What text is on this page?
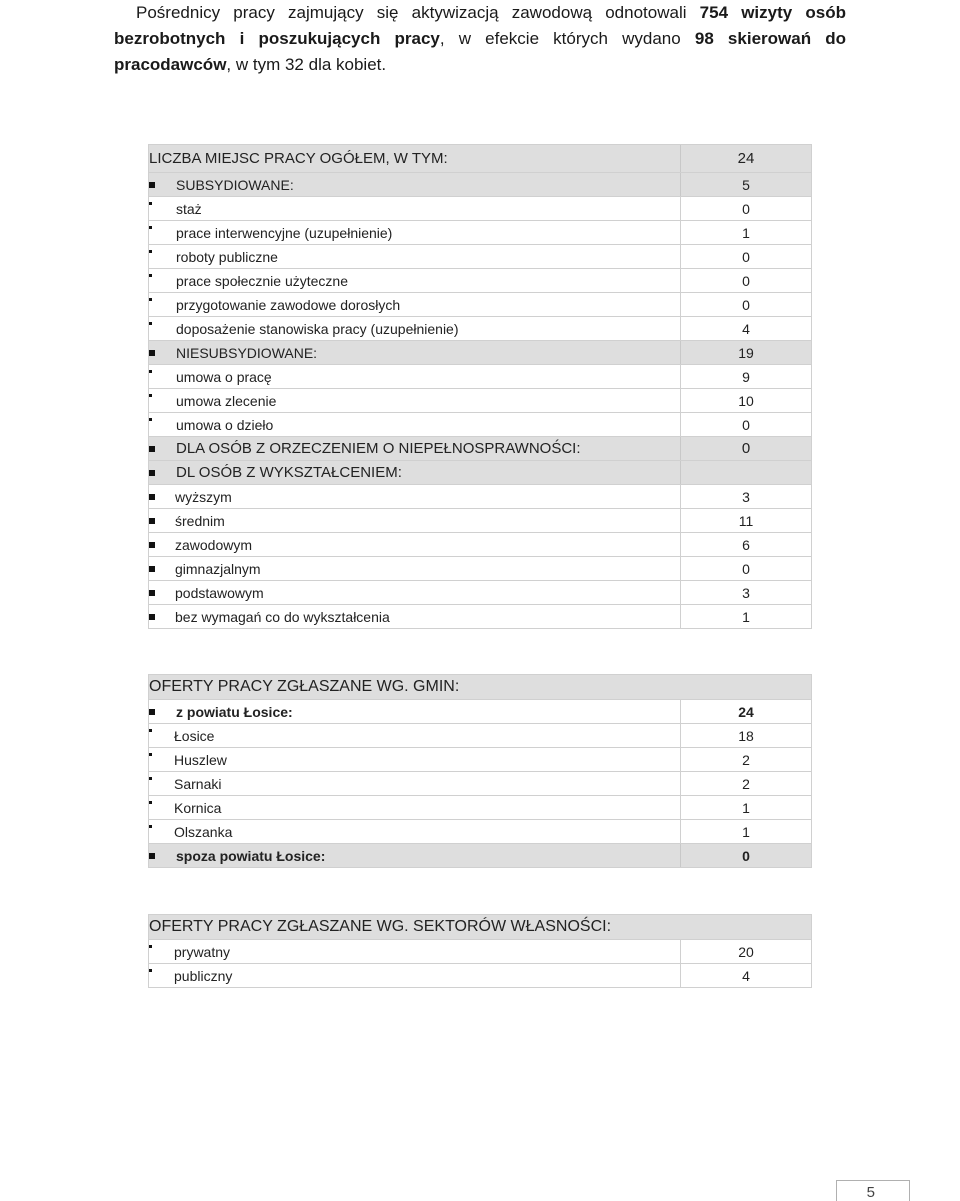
Pośrednicy pracy zajmujący się aktywizacją zawodową odnotowali 754 wizyty osób bezrobotnych i poszukujących pracy, w efekcie których wydano 98 skierowań do pracodawców, w tym 32 dla kobiet.

LICZBA MIEJSC PRACY OGÓŁEM, W TYM:	24

SUBSYDIOWANE:	5

staż	0

prace interwencyjne (uzupełnienie)	1

roboty publiczne	0

prace społecznie użyteczne	0

przygotowanie zawodowe dorosłych	0

doposażenie stanowiska pracy (uzupełnienie)	4

NIESUBSYDIOWANE:	19

umowa o pracę	9

umowa zlecenie	10

umowa o dzieło	0

DLA OSÓB Z ORZECZENIEM O NIEPEŁNOSPRAWNOŚCI:	0

DL OSÓB Z WYKSZTAŁCENIEM:	

wyższym	3

średnim	11

zawodowym	6

gimnazjalnym	0

podstawowym	3

bez wymagań co do wykształcenia	1
OFERTY PRACY ZGŁASZANE WG. GMIN:	

z powiatu Łosice:	24

Łosice	18

Huszlew	2

Sarnaki	2

Kornica	1

Olszanka	1

spoza powiatu Łosice:	0
OFERTY PRACY ZGŁASZANE WG. SEKTORÓW WŁASNOŚCI:	

prywatny	20

publiczny	4
5
